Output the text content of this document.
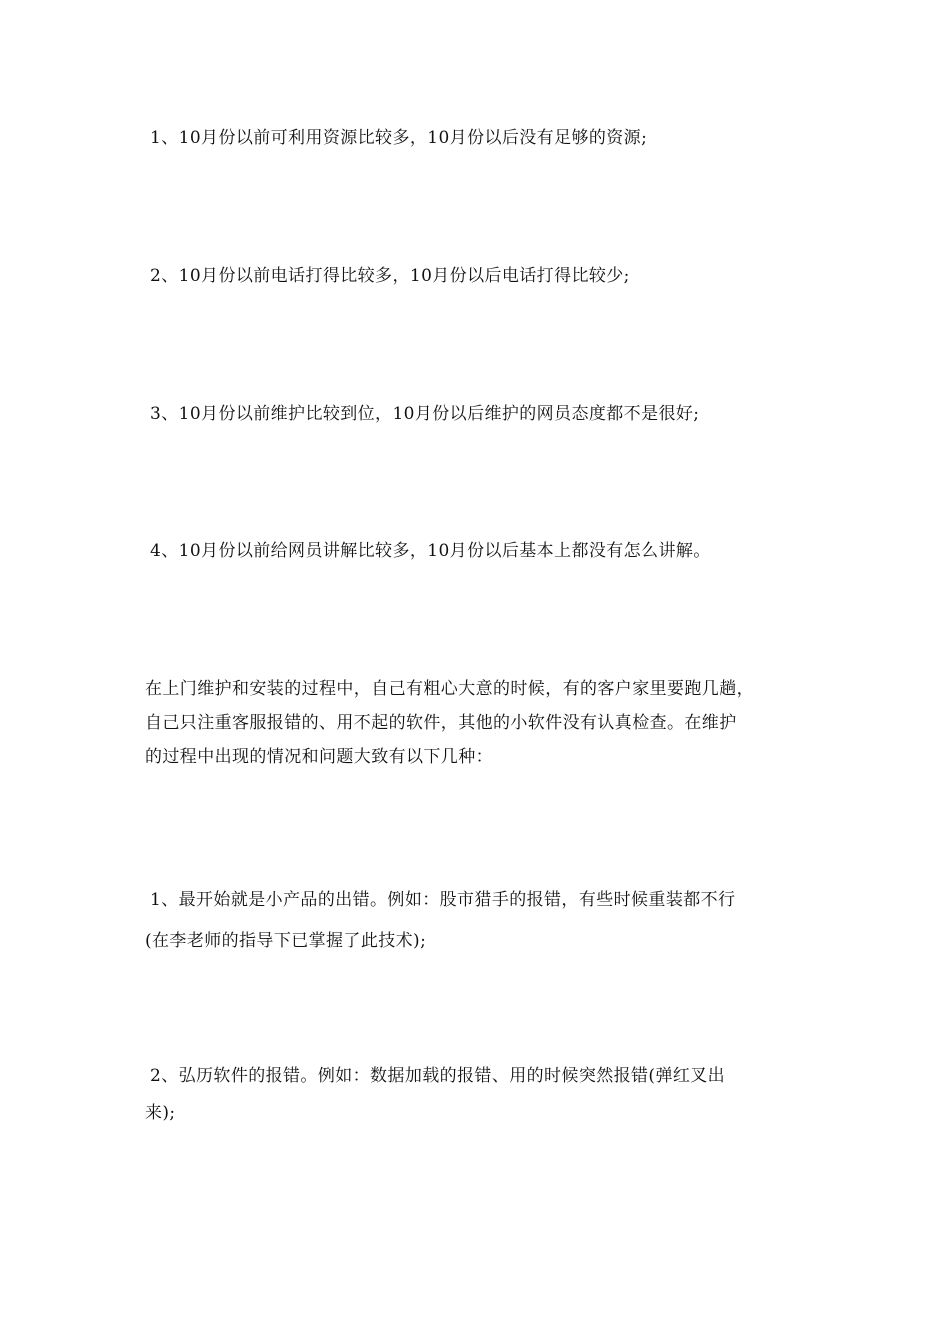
1、10月份以前可利用资源比较多，10月份以后没有足够的资源;
2、10月份以前电话打得比较多，10月份以后电话打得比较少;
3、10月份以前维护比较到位，10月份以后维护的网员态度都不是很好;
4、10月份以前给网员讲解比较多，10月份以后基本上都没有怎么讲解。
在上门维护和安装的过程中，自己有粗心大意的时候，有的客户家里要跑几趟，
自己只注重客服报错的、用不起的软件，其他的小软件没有认真检查。在维护
的过程中出现的情况和问题大致有以下几种：
1、最开始就是小产品的出错。例如：股市猎手的报错，有些时候重装都不行
(在李老师的指导下已掌握了此技术);
2、弘历软件的报错。例如：数据加载的报错、用的时候突然报错(弹红叉出
来);
